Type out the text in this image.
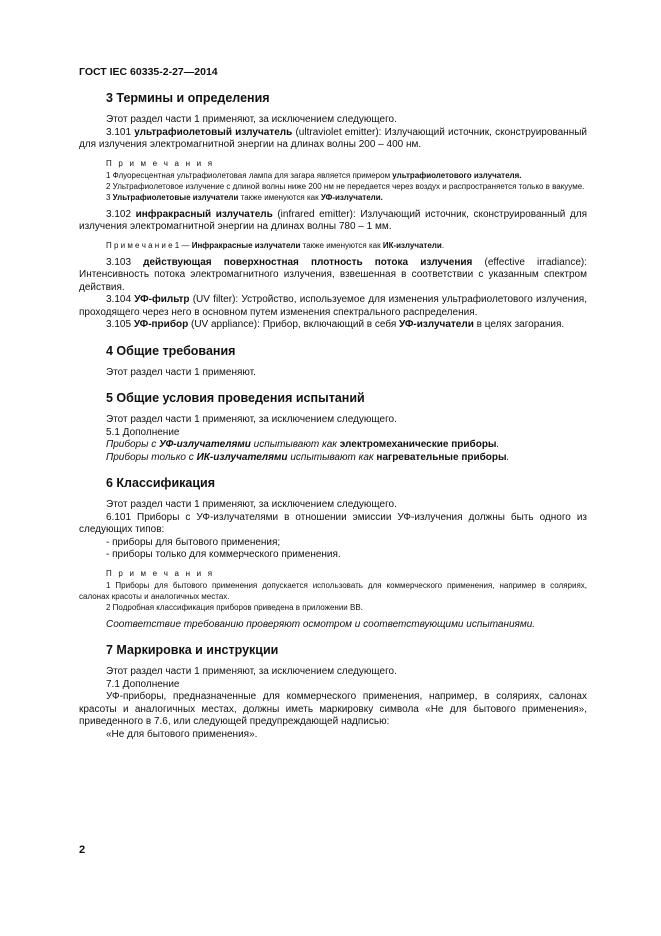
ГОСТ IEC 60335-2-27—2014
3 Термины и определения

Этот раздел части 1 применяют, за исключением следующего.

3.101 ультрафиолетовый излучатель (ultraviolet emitter): Излучающий источник, сконструированный для излучения электромагнитной энергии на длинах волны 200 – 400 нм.

П р и м е ч а н и я

1 Флуоресцентная ультрафиолетовая лампа для загара является примером ультрафиолетового излучателя.

2 Ультрафиолетовое излучение с длиной волны ниже 200 нм не передается через воздух и распространяется только в вакууме.

3 Ультрафиолетовые излучатели также именуются как УФ-излучатели.

3.102 инфракрасный излучатель (infrared emitter): Излучающий источник, сконструированный для излучения электромагнитной энергии на длинах волны 780 – 1 мм.

П р и м е ч а н и е 1 — Инфракрасные излучатели также именуются как ИК-излучатели.

3.103 действующая поверхностная плотность потока излучения (effective irradiance): Интенсивность потока электромагнитного излучения, взвешенная в соответствии с указанным спектром действия.

3.104 УФ-фильтр (UV filter): Устройство, используемое для изменения ультрафиолетового излучения, проходящего через него в основном путем изменения спектрального распределения.

3.105 УФ-прибор (UV appliance): Прибор, включающий в себя УФ-излучатели в целях загорания.

4 Общие требования

Этот раздел части 1 применяют.

5 Общие условия проведения испытаний

Этот раздел части 1 применяют, за исключением следующего.

5.1 Дополнение

Приборы с УФ-излучателями испытывают как электромеханические приборы.

Приборы только с ИК-излучателями испытывают как нагревательные приборы.

6 Классификация

Этот раздел части 1 применяют, за исключением следующего.

6.101 Приборы с УФ-излучателями в отношении эмиссии УФ-излучения должны быть одного из следующих типов:

- приборы для бытового применения;

- приборы только для коммерческого применения.

П р и м е ч а н и я

1 Приборы для бытового применения допускается использовать для коммерческого применения, например в соляриях, салонах красоты и аналогичных местах.

2 Подробная классификация приборов приведена в приложении ВВ.

Соответствие требованию проверяют осмотром и соответствующими испытаниями.

7 Маркировка и инструкции

Этот раздел части 1 применяют, за исключением следующего.

7.1 Дополнение

УФ-приборы, предназначенные для коммерческого применения, например, в соляриях, салонах красоты и аналогичных местах, должны иметь маркировку символа «Не для бытового применения», приведенного в 7.6, или следующей предупреждающей надписью:

«Не для бытового применения».

2
